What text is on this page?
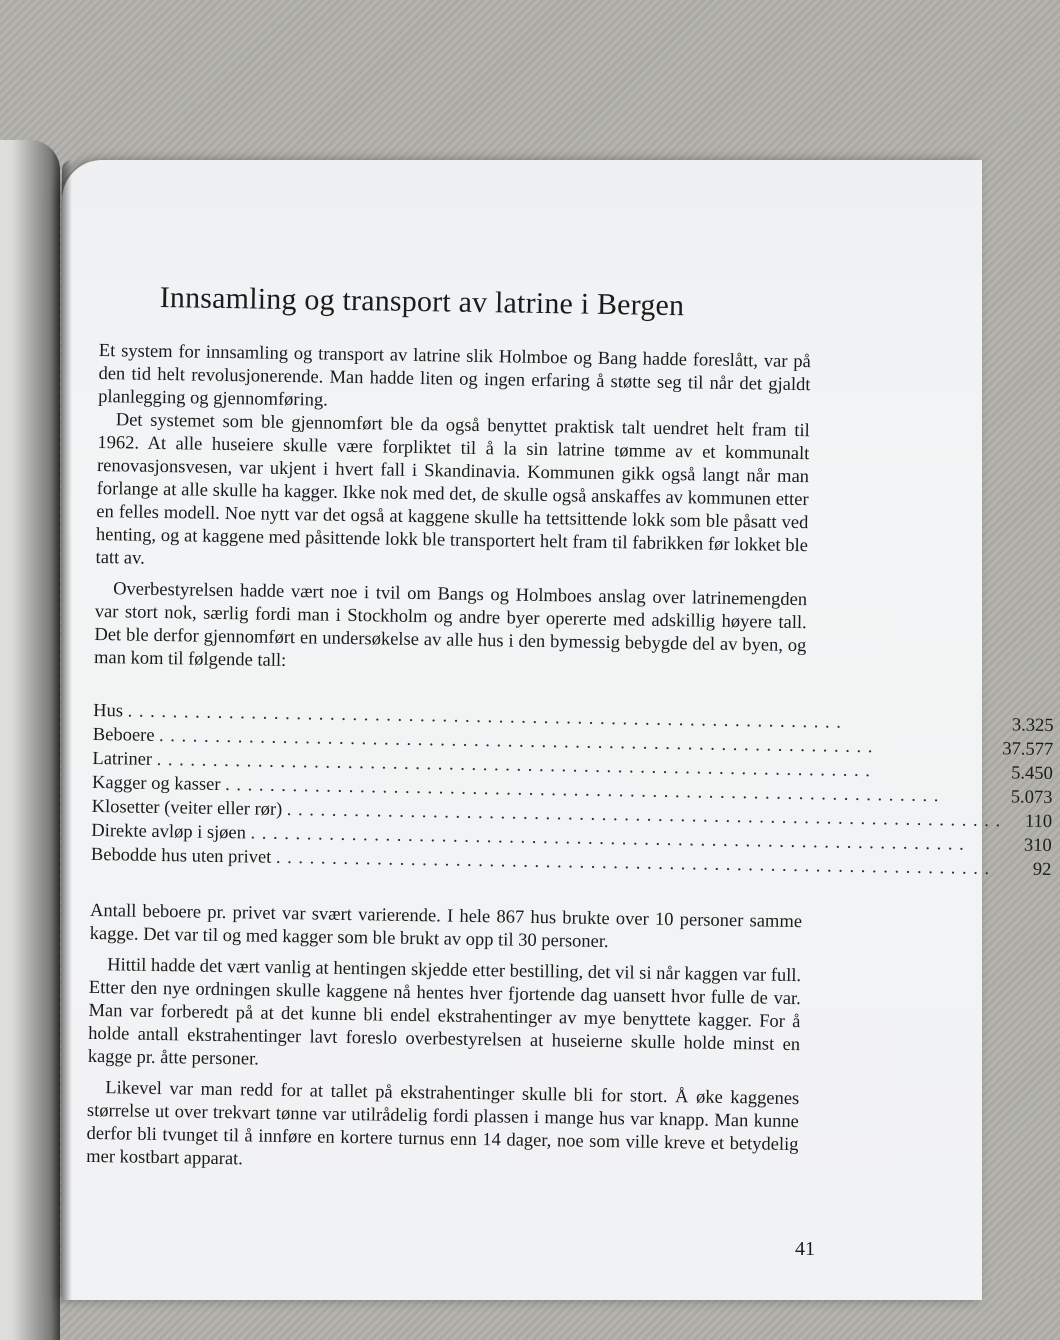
Innsamling og transport av latrine i Bergen

Et system for innsamling og transport av latrine slik Holmboe og Bang hadde foreslått, var på den tid helt revolusjonerende. Man hadde liten og ingen erfaring å støtte seg til når det gjaldt planlegging og gjennomføring.

Det systemet som ble gjennomført ble da også benyttet praktisk talt uendret helt fram til 1962. At alle huseiere skulle være forpliktet til å la sin latrine tømme av et kommunalt renovasjonsvesen, var ukjent i hvert fall i Skandinavia. Kommunen gikk også langt når man forlange at alle skulle ha kagger. Ikke nok med det, de skulle også anskaffes av kommunen etter en felles modell. Noe nytt var det også at kaggene skulle ha tettsittende lokk som ble påsatt ved henting, og at kaggene med påsittende lokk ble transportert helt fram til fabrikken før lokket ble tatt av.

Overbestyrelsen hadde vært noe i tvil om Bangs og Holmboes anslag over latrinemengden var stort nok, særlig fordi man i Stockholm og andre byer opererte med adskillig høyere tall. Det ble derfor gjennomført en undersøkelse av alle hus i den bymessig bebygde del av byen, og man kom til følgende tall:

Hus . . . . . . . . . . . . . . . . . . . . . . . . . . . . . . . . . . . . . . . . . . . . . . . . . . . . . . . . . . . . . . . .	3.325
Beboere . . . . . . . . . . . . . . . . . . . . . . . . . . . . . . . . . . . . . . . . . . . . . . . . . . . . . . . . . . . . . . . .	37.577
Latriner . . . . . . . . . . . . . . . . . . . . . . . . . . . . . . . . . . . . . . . . . . . . . . . . . . . . . . . . . . . . . . . .	5.450
Kagger og kasser . . . . . . . . . . . . . . . . . . . . . . . . . . . . . . . . . . . . . . . . . . . . . . . . . . . . . . . . . . . . . . . .	5.073
Klosetter (veiter eller rør) . . . . . . . . . . . . . . . . . . . . . . . . . . . . . . . . . . . . . . . . . . . . . . . . . . . . . . . . . . . . . . . .	110
Direkte avløp i sjøen . . . . . . . . . . . . . . . . . . . . . . . . . . . . . . . . . . . . . . . . . . . . . . . . . . . . . . . . . . . . . . . .	310
Bebodde hus uten privet . . . . . . . . . . . . . . . . . . . . . . . . . . . . . . . . . . . . . . . . . . . . . . . . . . . . . . . . . . . . . . . .	92

Antall beboere pr. privet var svært varierende. I hele 867 hus brukte over 10 personer samme kagge. Det var til og med kagger som ble brukt av opp til 30 personer.

Hittil hadde det vært vanlig at hentingen skjedde etter bestilling, det vil si når kaggen var full. Etter den nye ordningen skulle kaggene nå hentes hver fjortende dag uansett hvor fulle de var. Man var forberedt på at det kunne bli endel ekstrahentinger av mye benyttete kagger. For å holde antall ekstrahentinger lavt foreslo overbestyrelsen at huseierne skulle holde minst en kagge pr. åtte personer.

Likevel var man redd for at tallet på ekstrahentinger skulle bli for stort. Å øke kaggenes størrelse ut over trekvart tønne var utilrådelig fordi plassen i mange hus var knapp. Man kunne derfor bli tvunget til å innføre en kortere turnus enn 14 dager, noe som ville kreve et betydelig mer kostbart apparat.

41
